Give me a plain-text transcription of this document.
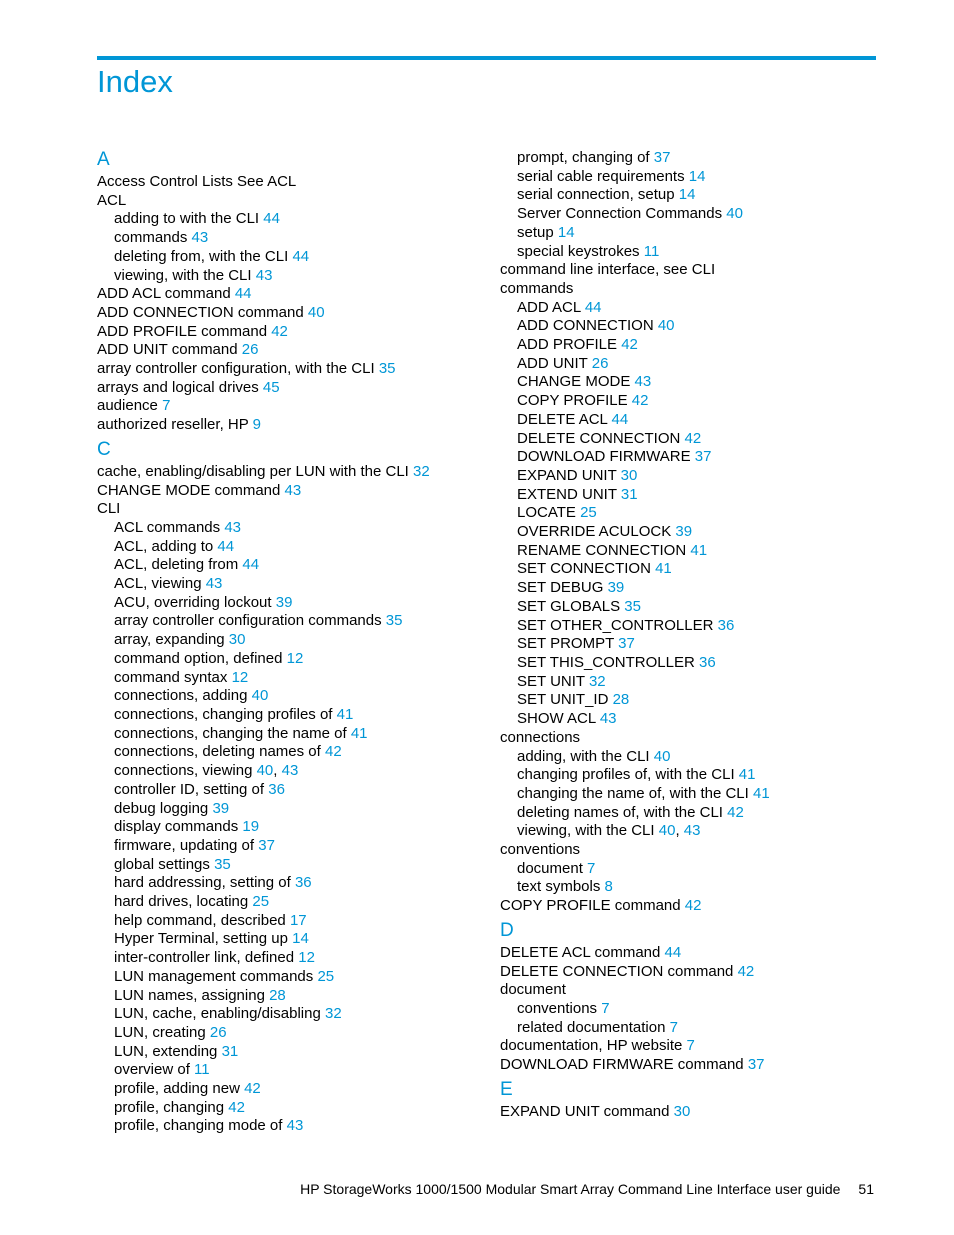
Index
A
Access Control Lists See ACL
ACL
adding to with the CLI 44
commands 43
deleting from, with the CLI 44
viewing, with the CLI 43
ADD ACL command 44
ADD CONNECTION command 40
ADD PROFILE command 42
ADD UNIT command 26
array controller configuration, with the CLI 35
arrays and logical drives 45
audience 7
authorized reseller, HP 9
C
cache, enabling/disabling per LUN with the CLI 32
CHANGE MODE command 43
CLI
ACL commands 43
ACL, adding to 44
ACL, deleting from 44
ACL, viewing 43
ACU, overriding lockout 39
array controller configuration commands 35
array, expanding 30
command option, defined 12
command syntax 12
connections, adding 40
connections, changing profiles of 41
connections, changing the name of 41
connections, deleting names of 42
connections, viewing 40, 43
controller ID, setting of 36
debug logging 39
display commands 19
firmware, updating of 37
global settings 35
hard addressing, setting of 36
hard drives, locating 25
help command, described 17
Hyper Terminal, setting up 14
inter-controller link, defined 12
LUN management commands 25
LUN names, assigning 28
LUN, cache, enabling/disabling 32
LUN, creating 26
LUN, extending 31
overview of 11
profile, adding new 42
profile, changing 42
profile, changing mode of 43
prompt, changing of 37
serial cable requirements 14
serial connection, setup 14
Server Connection Commands 40
setup 14
special keystrokes 11
command line interface, see CLI
commands
ADD ACL 44
ADD CONNECTION 40
ADD PROFILE 42
ADD UNIT 26
CHANGE MODE 43
COPY PROFILE 42
DELETE ACL 44
DELETE CONNECTION 42
DOWNLOAD FIRMWARE 37
EXPAND UNIT 30
EXTEND UNIT 31
LOCATE 25
OVERRIDE ACULOCK 39
RENAME CONNECTION 41
SET CONNECTION 41
SET DEBUG 39
SET GLOBALS 35
SET OTHER_CONTROLLER 36
SET PROMPT 37
SET THIS_CONTROLLER 36
SET UNIT 32
SET UNIT_ID 28
SHOW ACL 43
connections
adding, with the CLI 40
changing profiles of, with the CLI 41
changing the name of, with the CLI 41
deleting names of, with the CLI 42
viewing, with the CLI 40, 43
conventions
document 7
text symbols 8
COPY PROFILE command 42
D
DELETE ACL command 44
DELETE CONNECTION command 42
document
conventions 7
related documentation 7
documentation, HP website 7
DOWNLOAD FIRMWARE command 37
E
EXPAND UNIT command 30
HP StorageWorks 1000/1500 Modular Smart Array Command Line Interface user guide 51
